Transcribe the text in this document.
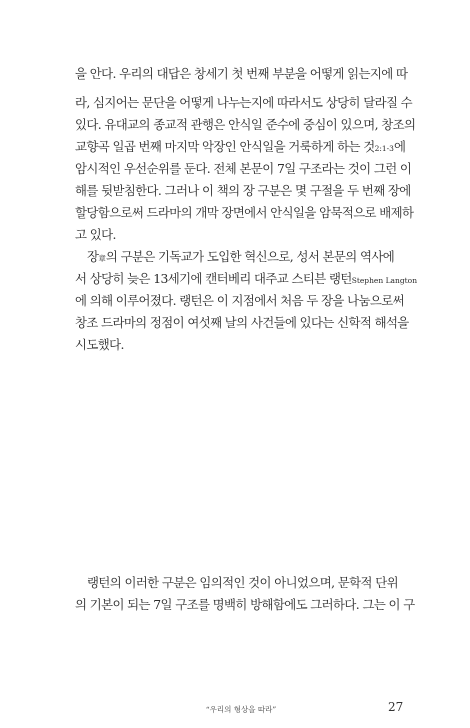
을 안다. 우리의 대답은 창세기 첫 번째 부분을 어떻게 읽는지에 따
라, 심지어는 문단을 어떻게 나누는지에 따라서도 상당히 달라질 수
있다. 유대교의 종교적 관행은 안식일 준수에 중심이 있으며, 창조의
교향곡 일곱 번째 마지막 악장인 안식일을 거룩하게 하는 것2:1-3에
암시적인 우선순위를 둔다. 전체 본문이 7일 구조라는 것이 그런 이
해를 뒷받침한다. 그러나 이 책의 장 구분은 몇 구절을 두 번째 장에
할당함으로써 드라마의 개막 장면에서 안식일을 암묵적으로 배제하
고 있다.
장章의 구분은 기독교가 도입한 혁신으로, 성서 본문의 역사에
서 상당히 늦은 13세기에 캔터베리 대주교 스티븐 랭턴Stephen Langton
에 의해 이루어졌다. 랭턴은 이 지점에서 처음 두 장을 나눔으로써
창조 드라마의 정점이 여섯째 날의 사건들에 있다는 신학적 해석을
시도했다.
랭턴의 이러한 구분은 임의적인 것이 아니었으며, 문학적 단위
의 기본이 되는 7일 구조를 명백히 방해함에도 그러하다. 그는 이 구
“우리의 형상을 따라”	27
